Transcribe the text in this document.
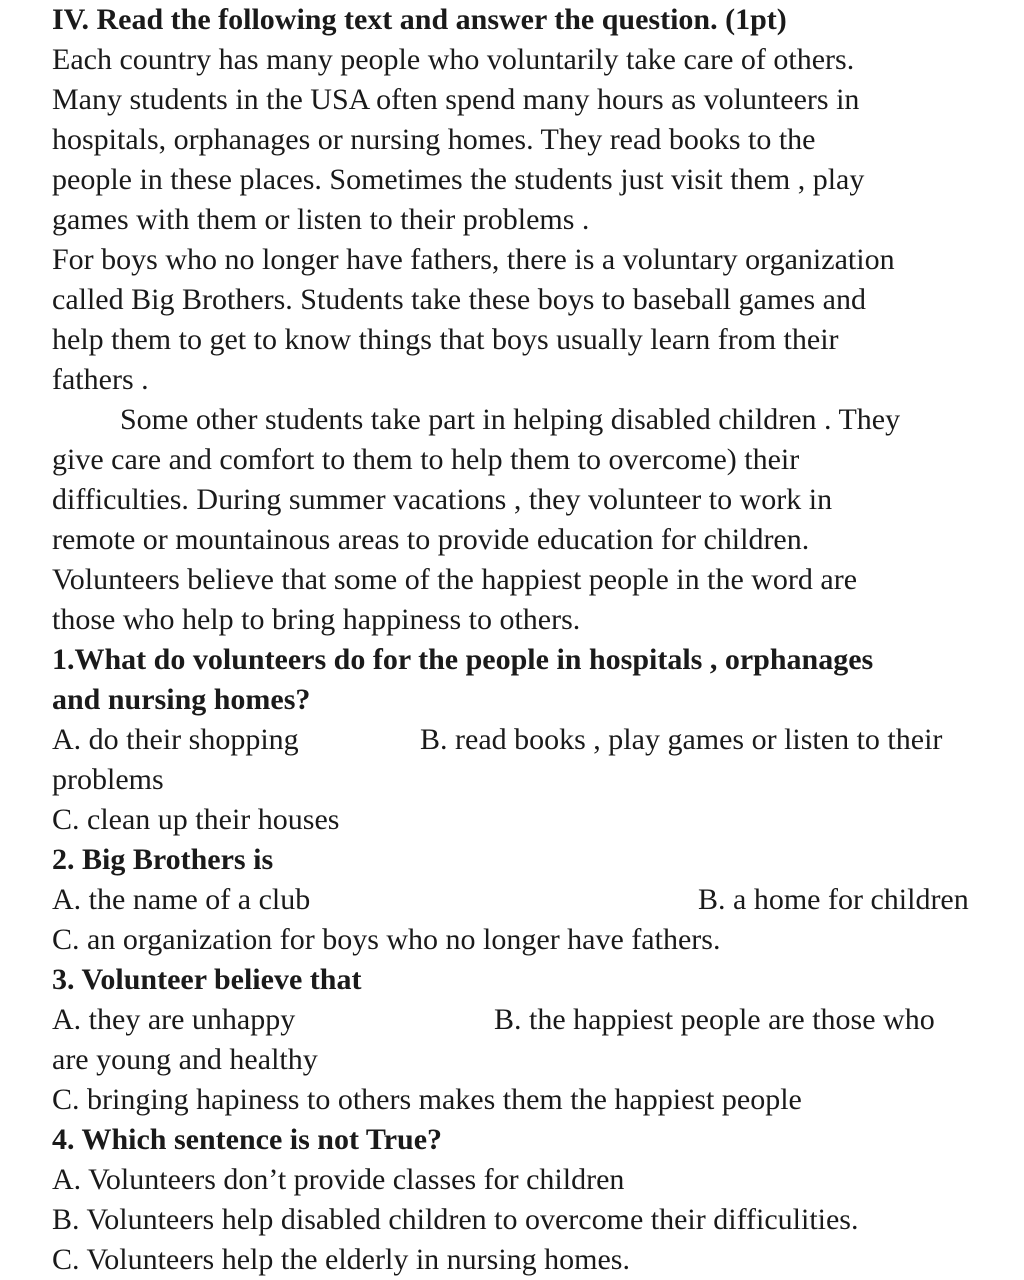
IV. Read the following text and answer the question. (1pt)
Each country has many people who voluntarily take care of others.
Many students in the USA often spend many hours as volunteers in
hospitals, orphanages or nursing homes. They read books to the
people in these places. Sometimes the students just visit them , play
games with them or listen to their problems .
For boys who no longer have fathers, there is a voluntary organization
called Big Brothers. Students take these boys to baseball games and
help them to get to know things that boys usually learn from their
fathers .
Some other students take part in helping disabled children . They
give care and comfort to them to help them to overcome) their
difficulties. During summer vacations , they volunteer to work in
remote or mountainous areas to provide education for children.
Volunteers believe that some of the happiest people in the word are
those who help to bring happiness to others.
1.What do volunteers do for the people in hospitals , orphanages
and nursing homes?
A. do their shopping	B. read books , play games or listen to their
problems
C. clean up their houses
2. Big Brothers is
A. the name of a club	B. a home for children
C. an organization for boys who no longer have fathers.
3. Volunteer believe that
A. they are unhappy	B. the happiest people are those who
are young and healthy
C. bringing hapiness to others makes them the happiest people
4. Which sentence is not True?
A. Volunteers don’t provide classes for children
B. Volunteers help disabled children to overcome their difficulities.
C. Volunteers help the elderly in nursing homes.
